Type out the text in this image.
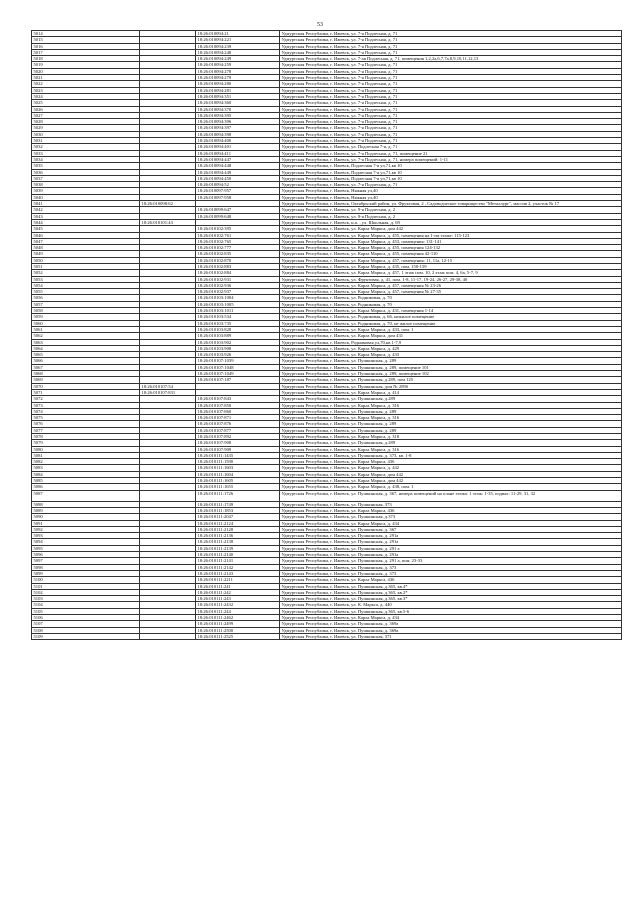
53
5014		18:26:010094:21	Удмуртская Республика, г. Ижевск, ул. 7-я Подлесная, д. 71
5015		18:26:010094:221	Удмуртская Республика, г. Ижевск, ул. 7-я Подлесная, д. 71
5016		18:26:010094:239	Удмуртская Республика, г. Ижевск, ул. 7-я Подлесная, д. 71
5017		18:26:010094:248	Удмуртская Республика, г. Ижевск, ул. 7-я Подлесная, д. 71
5018		18:26:010094:249	Удмуртская Республика, г. Ижевск, ул. 7-ая Подлесная, д. 71, помещения 1,2,2а,6,7,7а,8,9,10,11,12,13
5019		18:26:010094:259	Удмуртская Республика, г. Ижевск, ул. 7-я Подлесная, д. 71
5020		18:26:010094:278	Удмуртская Республика, г. Ижевск, ул. 7-я Подлесная, д. 71
5021		18:26:010094:279	Удмуртская Республика, г. Ижевск, ул. 7-я Подлесная, д. 71
5022		18:26:010094:280	Удмуртская Республика, г. Ижевск, ул. 7-я Подлесная, д. 71
5023		18:26:010094:281	Удмуртская Республика, г. Ижевск, ул. 7-я Подлесная, д. 71
5024		18:26:010094:351	Удмуртская Республика, г. Ижевск, ул. 7-я Подлесная, д. 71
5025		18:26:010094:360	Удмуртская Республика, г. Ижевск, ул. 7-я Подлесная, д. 71
5026		18:26:010094:370	Удмуртская Республика, г. Ижевск, ул. 7-я Подлесная, д. 71
5027		18:26:010094:395	Удмуртская Республика, г. Ижевск, ул. 7-я Подлесная, д. 71
5028		18:26:010094:396	Удмуртская Республика, г. Ижевск, ул. 7-я Подлесная, д. 71
5029		18:26:010094:397	Удмуртская Республика, г. Ижевск, ул. 7-я Подлесная, д. 71
5030		18:26:010094:398	Удмуртская Республика, г. Ижевск, ул. 7-я Подлесная, д. 71
5031		18:26:010094:400	Удмуртская Республика, г. Ижевск, ул. 7-я Подлесная, д. 71
5032		18:26:010094:401	Удмуртская Республика, г. Ижевск, ул. Подлесная 7-я, д. 71
5033		18:26:010094:411	Удмуртская Республика, г. Ижевск, ул. 7-я Подлесная, д. 71, помещение 21
5034		18:26:010094:447	Удмуртская Республика, г. Ижевск, ул. 7-я Подлесная, д. 71, номера помещений: 1-11
5035		18:26:010094:448	Удмуртская Республика, г. Ижевск, Подлесная 7-я ул,71,кв 10
5036		18:26:010094:449	Удмуртская Республика, г. Ижевск, Подлесная 7-я ул,71,кв 10
5037		18:26:010094:450	Удмуртская Республика, г. Ижевск, Подлесная 7-я ул,71,кв 10
5038		18:26:010094:52	Удмуртская Республика, г. Ижевск, ул. 7-я Подлесная, д. 71
5039		18:26:010097:957	Удмуртская Республика, г. Ижевск, Няжная ул,40
5040		18:26:010097:958	Удмуртская Республика, г. Ижевск, Няжная ул,40
5041	18:26:010098:62		Удмуртская Республика, г. Ижевск, Октябрьский район, ул. Фруктовая, 2 , Садоводческое товарищество "Металлург", массив 2, участок № 17
5042		18:26:010099:647	Удмуртская Республика, г. Ижевск, ул. 9-я Подлесная, д. 2
5043		18:26:010099:648	Удмуртская Республика, г. Ижевск, ул. 9-я Подлесная, д. 2
5044	18:26:010101:43		Удмуртская Республика, г. Ижевск, н.п. , ул. Школьная, д. 69
5045		18:26:010102:395	Удмуртская Республика, г. Ижевск, ул. Карла Маркса, дом 442
5046		18:26:010102:761	Удмуртская Республика, г. Ижевск, ул. Карла Маркса, д. 455, помещения на 1-ом этаже: 115-123
5047		18:26:010102:765	Удмуртская Республика, г. Ижевск, ул. Карла Маркса, д. 453, помещения: 131-141
5048		18:26:010102:777	Удмуртская Республика, г. Ижевск, ул. Карла Маркса, д. 455, помещения 124-132
5049		18:26:010102:835	Удмуртская Республика, г. Ижевск, ул. Карла Маркса, д. 455, помещения 42-110
5050		18:26:010102:870	Удмуртская Республика, г. Ижевск, ул. Карла Маркса, д. 457, помещения: 11, 11а, 12-15
5051		18:26:010102:883	Удмуртская Республика, г. Ижевск, ул. Карла Маркса, д. 435, пом. 150-159
5052		18:26:010102:884	Удмуртская Республика, г. Ижевск, ул. Карла Маркса, д. 457, 1 этаж пом. 10, 2 этаж пом. 4, 6а, 5-7, 9
5053		18:26:010102:931	Удмуртская Республика, г. Ижевск, ул. Фруктовая, д. 41, пом. 1-8, 11-17, 19-24, 26-27, 29-38, 40
5054		18:26:010102:936	Удмуртская Республика, г. Ижевск, ул. Карла Маркса, д. 457, помещения № 23-26
5055		18:26:010102:937	Удмуртская Республика, г. Ижевск, ул. Карла Маркса, д. 457, помещения № 27-35
5056		18:26:010103:1004	Удмуртская Республика, г. Ижевск, ул. Родниковая, д. 70
5057		18:26:010103:1005	Удмуртская Республика, г. Ижевск, ул. Родниковая, д. 70
5058		18:26:010103:1011	Удмуртская Республика, г. Ижевск, ул. Карла Маркса, д. 431, помещения 1-14
5059		18:26:010103:534	Удмуртская Республика, г. Ижевск, ул. Родниковая, д. 66, нежилое помещение
5060		18:26:010103:735	Удмуртская Республика, г. Ижевск, ул. Родниковая, д. 70, не жилое помещение.
5061		18:26:010103:828	Удмуртская Республика, г. Ижевск, ул. Карла Маркса, д. 433, пом. 1
5062		18:26:010103:889	Удмуртская Республика, г. Ижевск, ул. Карла Маркса, дом 431
5063		18:26:010103:902	Удмуртская Республика, г. Ижевск, Родниковая ул,70,кв 1-7,9
5064		18:26:010103:908	Удмуртская Республика, г. Ижевск, ул. Карла Маркса, д. 429
5065		18:26:010103:926	Удмуртская Республика, г. Ижевск, ул. Карла Маркса, д. 433
5066		18:26:010107:1039	Удмуртская Республика, г. Ижевск, ул. Пушкинская, д. 289
5067		18:26:010107:1048	Удмуртская Республика, г. Ижевск, ул. Пушкинская, д. 289, помещение 101
5068		18:26:010107:1049	Удмуртская Республика, г. Ижевск, ул. Пушкинская, д. 289, помещение 102
5069		18:26:010107:187	Удмуртская Республика, г. Ижевск, ул. Пушкинская, д.289, пом 125
5070	18:26:010107:54		Удмуртская Республика, г. Ижевск, ул. Пушкинская, дом № 289б
5071	18:26:010107:831		Удмуртская Республика, г. Ижевск, ул. Карла Маркса, д. 414
5072		18:26:010107:843	Удмуртская Республика, г. Ижевск, ул. Пушкинская, д.289
5073		18:26:010107:850	Удмуртская Республика, г. Ижевск, ул. Карла Маркса, д. 316
5074		18:26:010107:860	Удмуртская Республика, г. Ижевск, ул. Пушкинская, д. 289
5075		18:26:010107:871	Удмуртская Республика, г. Ижевск, ул. Карла Маркса, д. 316
5076		18:26:010107:876	Удмуртская Республика, г. Ижевск, ул. Пушкинская, д. 289
5077		18:26:010107:877	Удмуртская Республика, г. Ижевск, ул. Пушкинская, д. 289
5078		18:26:010107:892	Удмуртская Республика, г. Ижевск, ул. Карла Маркса, д. 318
5079		18:26:010107:908	Удмуртская Республика, г. Ижевск, ул. Пушкинская, д.289
5080		18:26:010107:909	Удмуртская Республика, г. Ижевск, ул. Карла Маркса, д. 316
5081		18:26:010111:1435	Удмуртская Республика, г. Ижевск, ул. Пушкинская, д. 373, кв. 1-8
5082		18:26:010111:1590	Удмуртская Республика, г. Ижевск, ул. Карла Маркса, 436
5083		18:26:010111:1603	Удмуртская Республика, г. Ижевск, ул. Карла Маркса, д. 442
5084		18:26:010111:1604	Удмуртская Республика, г. Ижевск, ул. Карла Маркса, дом 442
5085		18:26:010111:1605	Удмуртская Республика, г. Ижевск, ул. Карла Маркса, дом 442
5086		18:26:010111:1655	Удмуртская Республика, г. Ижевск, ул. Карла Маркса, д. 438, пом. 1
5087		18:26:010111:1726	Удмуртская Республика, г. Ижевск, ул. Пушкинская, д. 367, номера помещений на плане этажа: 1 этаж: 1-35, подвал: 11-29, 31, 32
5088		18:26:010111:1749	Удмуртская Республика, г. Ижевск, ул. Пушкинская, 373
5089		18:26:010111:1853	Удмуртская Республика, г. Ижевск, ул. Карла Маркса, 436
5090		18:26:010111:2047	Удмуртская Республика, г. Ижевск, ул. Пушкинская, д.373
5091		18:26:010111:2124	Удмуртская Республика, г. Ижевск, ул. Карла Маркса, д. 434
5092		18:26:010111:2128	Удмуртская Республика, г. Ижевск, ул. Пушкинская, д. 367
5093		18:26:010111:2136	Удмуртская Республика, г. Ижевск, ул. Пушкинская, д. 291а
5094		18:26:010111:2138	Удмуртская Республика, г. Ижевск, ул. Пушкинская, д. 291а
5095		18:26:010111:2139	Удмуртская Республика, г. Ижевск, ул. Пушкинская, д. 291 а
5096		18:26:010111:2140	Удмуртская Республика, г. Ижевск, ул. Пушкинская, д. 291а
5097		18:26:010111:2141	Удмуртская Республика, г. Ижевск, ул. Пушкинская, д. 291 а, пом. 23-33
5098		18:26:010111:2142	Удмуртская Республика, г. Ижевск, ул. Пушкинская, д. 373
5099		18:26:010111:2143	Удмуртская Республика, г. Ижевск, ул. Пушкинская, д. 373
5100		18:26:010111:2211	Удмуртская Республика, г. Ижевск, ул. Карла Маркса, 436
5101		18:26:010111:241	Удмуртская Республика, г. Ижевск, ул. Пушкинская, д.365, кв.4*
5102		18:26:010111:242	Удмуртская Республика, г. Ижевск, ул. Пушкинская, д.365, кв.2*
5103		18:26:010111:243	Удмуртская Республика, г. Ижевск, ул. Пушкинская, д.365, кв.3*
5104		18:26:010111:2432	Удмуртская Республика, г. Ижевск, ул. К. Маркса, д. 440
5105		18:26:010111:244	Удмуртская Республика, г. Ижевск, ул. Пушкинская, д.365, кв.5-6
5106		18:26:010111:2462	Удмуртская Республика, г. Ижевск, ул. Карла Маркса, д. 434
5107		18:26:010111:2499	Удмуртская Республика, г. Ижевск, ул. Пушкинская, д. 369а
5108		18:26:010111:2500	Удмуртская Республика, г. Ижевск, ул. Пушкинская, д. 369а
5109		18:26:010111:2525	Удмуртская Республика, г. Ижевск, ул. Пушкинская, 371
